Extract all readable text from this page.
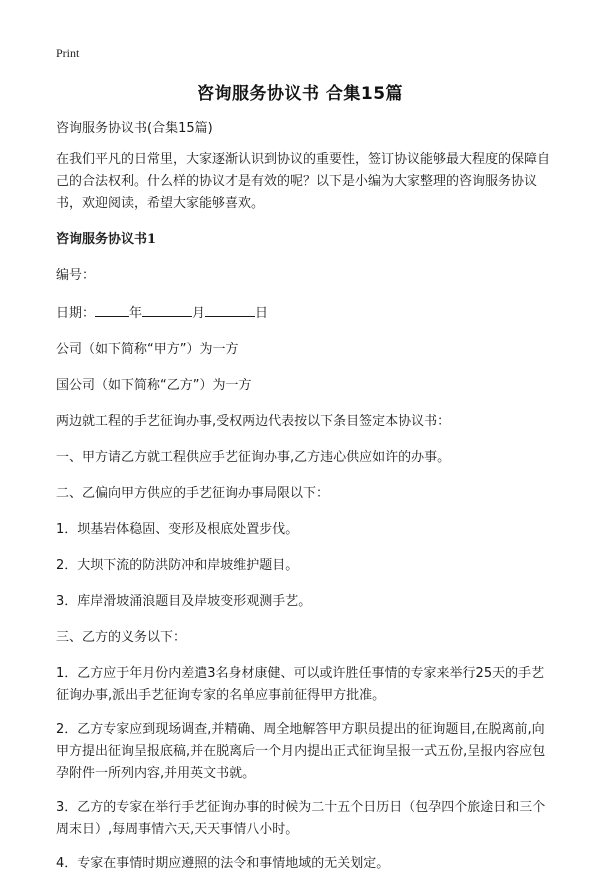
Print
咨询服务协议书 合集15篇

咨询服务协议书(合集15篇)

在我们平凡的日常里，大家逐渐认识到协议的重要性，签订协议能够最大程度的保障自己的合法权利。什么样的协议才是有效的呢？以下是小编为大家整理的咨询服务协议书，欢迎阅读，希望大家能够喜欢。

咨询服务协议书1

编号：

日期：	年	月	日

公司（如下简称“甲方”）为一方

国公司（如下简称“乙方”）为一方

两边就工程的手艺征询办事,受权两边代表按以下条目签定本协议书：

一、甲方请乙方就工程供应手艺征询办事,乙方违心供应如许的办事。

二、乙偏向甲方供应的手艺征询办事局限以下：

1．坝基岩体稳固、变形及根底处置步伐。

2．大坝下流的防洪防冲和岸坡维护题目。

3．库岸滑坡涌浪题目及岸坡变形观测手艺。

三、乙方的义务以下：

1．乙方应于年月份内差遣3名身材康健、可以或许胜任事情的专家来举行25天的手艺征询办事,派出手艺征询专家的名单应事前征得甲方批准。

2．乙方专家应到现场调查,并精确、周全地解答甲方职员提出的征询题目,在脱离前,向甲方提出征询呈报底稿,并在脱离后一个月内提出正式征询呈报一式五份,呈报内容应包孕附件一所列内容,并用英文书就。

3．乙方的专家在举行手艺征询办事的时候为二十五个日历日（包孕四个旅途日和三个周末日）,每周事情六天,天天事情八小时。

4．专家在事情时期应遵照的法令和事情地域的无关划定。
